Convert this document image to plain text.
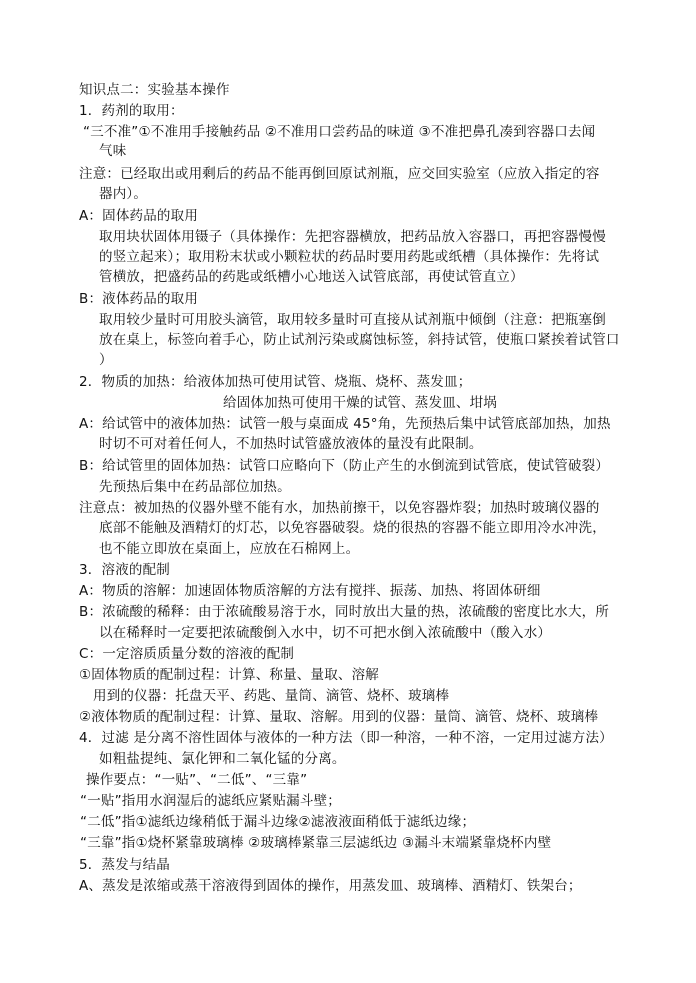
知识点二：实验基本操作
1．药剂的取用：
“三不准”①不准用手接触药品 ②不准用口尝药品的味道 ③不准把鼻孔凑到容器口去闻
气味
注意：已经取出或用剩后的药品不能再倒回原试剂瓶，应交回实验室（应放入指定的容
器内）。
A：固体药品的取用
取用块状固体用镊子（具体操作：先把容器横放，把药品放入容器口，再把容器慢慢
的竖立起来）；取用粉末状或小颗粒状的药品时要用药匙或纸槽（具体操作：先将试
管横放，把盛药品的药匙或纸槽小心地送入试管底部，再使试管直立）
B：液体药品的取用
取用较少量时可用胶头滴管，取用较多量时可直接从试剂瓶中倾倒（注意：把瓶塞倒
放在桌上，标签向着手心，防止试剂污染或腐蚀标签，斜持试管，使瓶口紧挨着试管口
）
2．物质的加热：给液体加热可使用试管、烧瓶、烧杯、蒸发皿；
给固体加热可使用干燥的试管、蒸发皿、坩埚
A：给试管中的液体加热：试管一般与桌面成 45°角，先预热后集中试管底部加热，加热
时切不可对着任何人，不加热时试管盛放液体的量没有此限制。
B：给试管里的固体加热：试管口应略向下（防止产生的水倒流到试管底，使试管破裂）
先预热后集中在药品部位加热。
注意点：被加热的仪器外壁不能有水，加热前擦干，以免容器炸裂；加热时玻璃仪器的
底部不能触及酒精灯的灯芯，以免容器破裂。烧的很热的容器不能立即用冷水冲洗，
也不能立即放在桌面上，应放在石棉网上。
3．溶液的配制
A：物质的溶解：加速固体物质溶解的方法有搅拌、振荡、加热、将固体研细
B：浓硫酸的稀释：由于浓硫酸易溶于水，同时放出大量的热，浓硫酸的密度比水大，所
以在稀释时一定要把浓硫酸倒入水中，切不可把水倒入浓硫酸中（酸入水）
C：一定溶质质量分数的溶液的配制
①固体物质的配制过程：计算、称量、量取、溶解
用到的仪器：托盘天平、药匙、量筒、滴管、烧杯、玻璃棒
②液体物质的配制过程：计算、量取、溶解。用到的仪器：量筒、滴管、烧杯、玻璃棒
4．过滤 是分离不溶性固体与液体的一种方法（即一种溶，一种不溶，一定用过滤方法）
如粗盐提纯、氯化钾和二氧化锰的分离。
操作要点：“一贴”、“二低”、“三靠”
“一贴”指用水润湿后的滤纸应紧贴漏斗壁；
“二低”指①滤纸边缘稍低于漏斗边缘②滤液液面稍低于滤纸边缘；
“三靠”指①烧杯紧靠玻璃棒 ②玻璃棒紧靠三层滤纸边 ③漏斗末端紧靠烧杯内壁
5．蒸发与结晶
A、蒸发是浓缩或蒸干溶液得到固体的操作，用蒸发皿、玻璃棒、酒精灯、铁架台；
